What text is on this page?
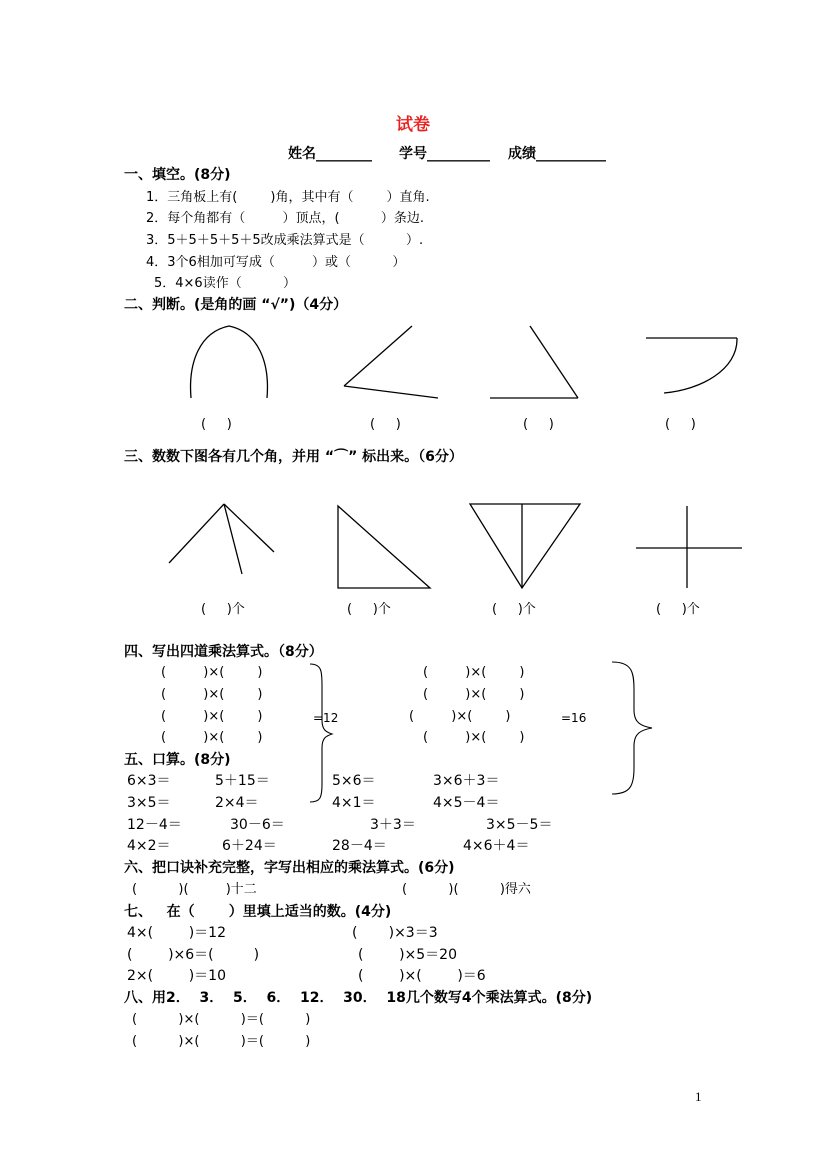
试卷
姓名________ 学号_________ 成绩__________
一、填空。(8分)
1．三角板上有(        )角，其中有（        ）直角.
2．每个角都有（         ）顶点，(          ）条边.
3．5＋5＋5＋5＋5改成乘法算式是（          ）.
4．3个6相加可写成（         ）或（          ）
5．4×6读作（          ）
二、判断。(是角的画 “√”)（4分）
(     )	(     )	(     )	(     )
三、数数下图各有几个角，并用 “⌒” 标出来。（6分）
(     )个	(     )个	(     )个	(     )个
四、写出四道乘法算式。（8分）
(         )×(        )
(         )×(        )
(         )×(        )
(         )×(        )
=12
(         )×(        )
(         )×(        )
(         )×(        )
(         )×(        )
=16
五、口算。(8分)
6×3＝	5＋15＝	5×6＝	3×6＋3＝
3×5＝	2×4＝	4×1＝	4×5－4＝
12－4＝	30－6＝	3＋3＝	3×5－5＝
4×2＝	6＋24＝	28－4＝	4×6＋4＝
六、把口诀补充完整，字写出相应的乘法算式。(6分)
(          )(         )十二	(          )(          )得六
七、   在（       ）里填上适当的数。(4分)
4×(        )＝12	(       )×3＝3
(        )×6＝(         )	(        )×5＝20
2×(        )＝10	(        )×(        )＝6
八、用2．  3．  5．  6．  12．  30．  18几个数写4个乘法算式。(8分)
(          )×(          )＝(          )
(          )×(          )＝(          )
1
